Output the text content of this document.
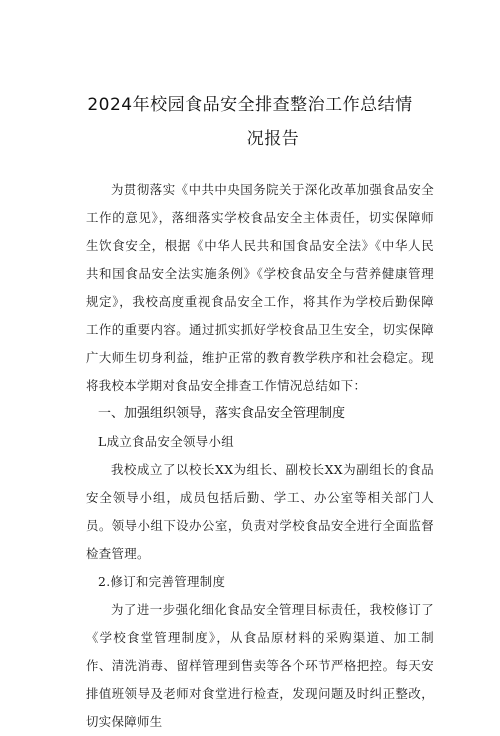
2024年校园食品安全排查整治工作总结情
况报告

为贯彻落实《中共中央国务院关于深化改革加强食品安全工作的意见》，落细落实学校食品安全主体责任，切实保障师生饮食安全，根据《中华人民共和国食品安全法》《中华人民共和国食品安全法实施条例》《学校食品安全与营养健康管理规定》，我校高度重视食品安全工作，将其作为学校后勤保障工作的重要内容。通过抓实抓好学校食品卫生安全，切实保障广大师生切身利益，维护正常的教育教学秩序和社会稳定。现将我校本学期对食品安全排查工作情况总结如下：

一、加强组织领导，落实食品安全管理制度

L成立食品安全领导小组

我校成立了以校长XX为组长、副校长XX为副组长的食品安全领导小组，成员包括后勤、学工、办公室等相关部门人员。领导小组下设办公室，负责对学校食品安全进行全面监督检查管理。

2.修订和完善管理制度

为了进一步强化细化食品安全管理目标责任，我校修订了《学校食堂管理制度》，从食品原材料的采购渠道、加工制作、清洗消毒、留样管理到售卖等各个环节严格把控。每天安排值班领导及老师对食堂进行检查，发现问题及时纠正整改，切实保障师生
